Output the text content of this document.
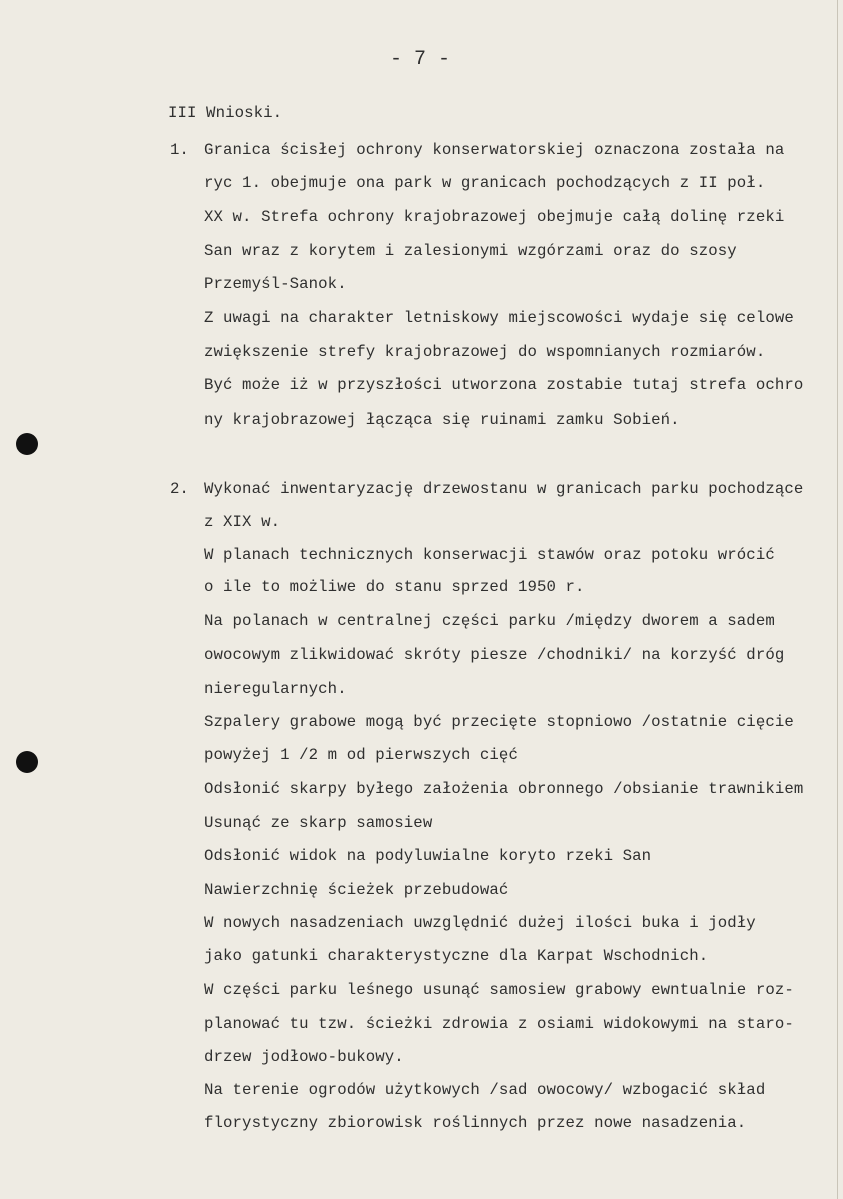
- 7 -
III Wnioski.
1. Granica ścisłej ochrony konserwatorskiej oznaczona została na
ryc 1. obejmuje ona park w granicach pochodzących z II poł.
XX w. Strefa ochrony krajobrazowej obejmuje całą dolinę rzeki
San wraz z korytem i zalesionymi wzgórzami oraz do szosy
Przemyśl-Sanok.
Z uwagi na charakter letniskowy miejscowości wydaje się celowe
zwiększenie strefy krajobrazowej do wspomnianych rozmiarów.
Być może iż w przyszłości utworzona zostabie tutaj strefa ochro
ny krajobrazowej łącząca się ruinami zamku Sobień.
2. Wykonać inwentaryzację drzewostanu w granicach parku pochodzące
z XIX w.
W planach technicznych konserwacji stawów oraz potoku wrócić
o ile to możliwe do stanu sprzed 1950 r.
Na polanach w centralnej części parku /między dworem a sadem
owocowym zlikwidować skróty piesze /chodniki/ na korzyść dróg
nieregularnych.
Szpalery grabowe mogą być przecięte stopniowo /ostatnie cięcie
powyżej 1 /2 m od pierwszych cięć
Odsłonić skarpy byłego założenia obronnego /obsianie trawnikiem
Usunąć ze skarp samosiew
Odsłonić widok na podyluwialne koryto rzeki San
Nawierzchnię ścieżek przebudować
W nowych nasadzeniach uwzględnić dużej ilości buka i jodły
jako gatunki charakterystyczne dla Karpat Wschodnich.
W części parku leśnego usunąć samosiew grabowy ewntualnie roz-
planować tu tzw. ścieżki zdrowia z osiami widokowymi na staro-
drzew jodłowo-bukowy.
Na terenie ogrodów użytkowych /sad owocowy/ wzbogacić skład
florystyczny zbiorowisk roślinnych przez nowe nasadzenia.
